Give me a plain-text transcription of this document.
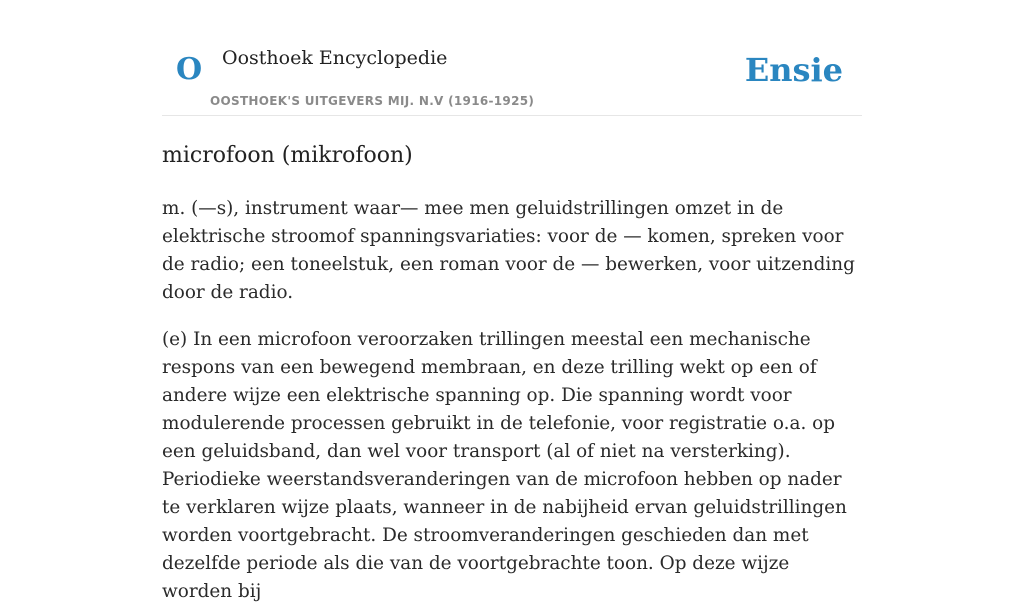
O Oosthoek Encyclopedie
OOSTHOEK'S UITGEVERS MIJ. N.V (1916-1925)
Ensie
microfoon (mikrofoon)

m. (—s), instrument waar— mee men geluidstrillingen omzet in de elektrische stroomof spanningsvariaties: voor de — komen, spreken voor de radio; een toneelstuk, een roman voor de — bewerken, voor uitzending door de radio.

(e) In een microfoon veroorzaken trillingen meestal een mechanische respons van een bewegend membraan, en deze trilling wekt op een of andere wijze een elektrische spanning op. Die spanning wordt voor modulerende processen gebruikt in de telefonie, voor registratie o.a. op een geluidsband, dan wel voor transport (al of niet na versterking). Periodieke weerstandsveranderingen van de microfoon hebben op nader te verklaren wijze plaats, wanneer in de nabijheid ervan geluidstrillingen worden voortgebracht. De stroomveranderingen geschieden dan met dezelfde periode als die van de voortgebrachte toon. Op deze wijze worden bij
